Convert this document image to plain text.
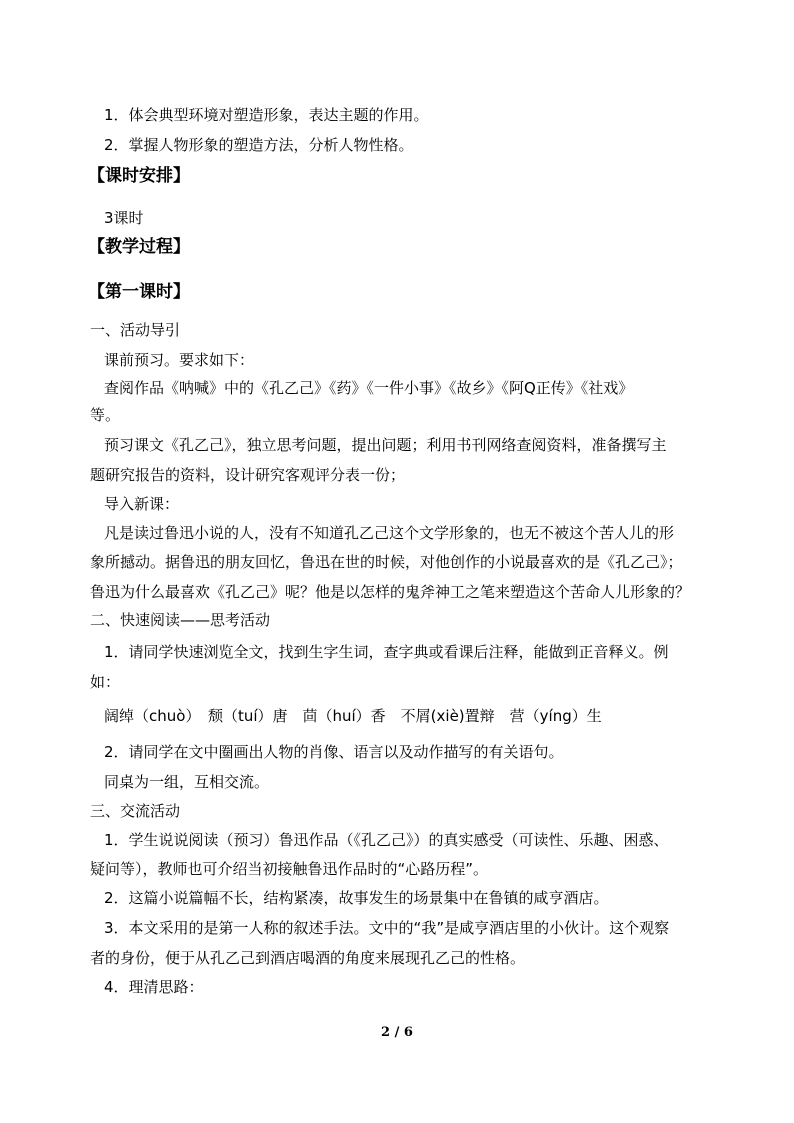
1．体会典型环境对塑造形象，表达主题的作用。
2．掌握人物形象的塑造方法，分析人物性格。
【课时安排】
3课时
【教学过程】
【第一课时】
一、活动导引
课前预习。要求如下：
查阅作品《呐喊》中的《孔乙己》《药》《一件小事》《故乡》《阿Q正传》《社戏》
等。
预习课文《孔乙己》，独立思考问题，提出问题；利用书刊网络查阅资料，准备撰写主
题研究报告的资料，设计研究客观评分表一份；
导入新课：
凡是读过鲁迅小说的人，没有不知道孔乙己这个文学形象的，也无不被这个苦人儿的形
象所撼动。据鲁迅的朋友回忆，鲁迅在世的时候，对他创作的小说最喜欢的是《孔乙己》；
鲁迅为什么最喜欢《孔乙己》呢？他是以怎样的鬼斧神工之笔来塑造这个苦命人儿形象的？
二、快速阅读——思考活动
1．请同学快速浏览全文，找到生字生词，查字典或看课后注释，能做到正音释义。例
如：
阔绰（chuò）　颓（tuí）唐　茴（huí）香　不屑(xiè)置辩　营（yíng）生
2．请同学在文中圈画出人物的肖像、语言以及动作描写的有关语句。
同桌为一组，互相交流。
三、交流活动
1．学生说说阅读（预习）鲁迅作品（《孔乙己》）的真实感受（可读性、乐趣、困惑、
疑问等），教师也可介绍当初接触鲁迅作品时的“心路历程”。
2．这篇小说篇幅不长，结构紧凑，故事发生的场景集中在鲁镇的咸亨酒店。
3．本文采用的是第一人称的叙述手法。文中的“我”是咸亨酒店里的小伙计。这个观察
者的身份，便于从孔乙己到酒店喝酒的角度来展现孔乙己的性格。
4．理清思路：
2 / 6
